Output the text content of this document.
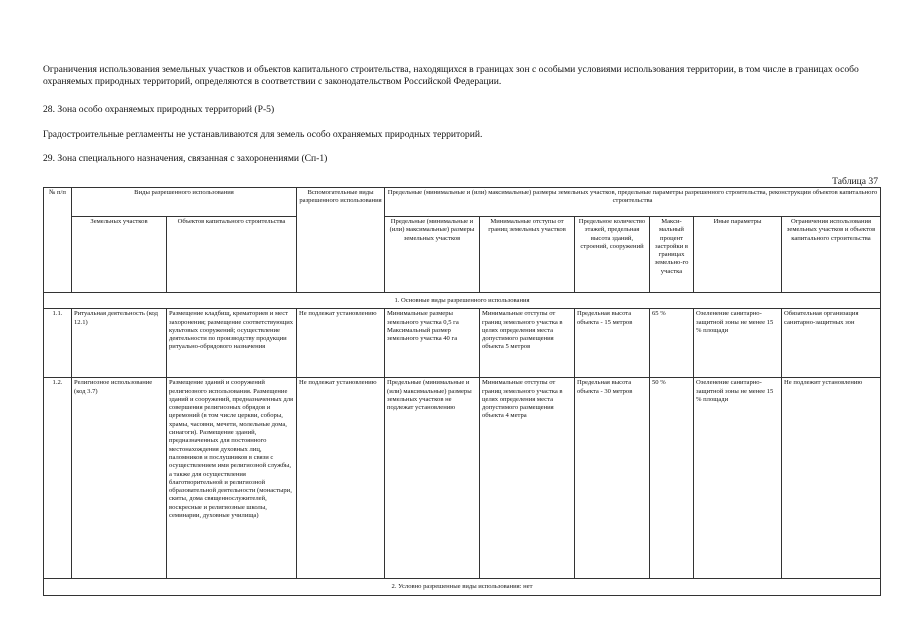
Ограничения использования земельных участков и объектов капитального строительства, находящихся в границах зон с особыми условиями использования территории, в том числе в границах особо охраняемых природных территорий, определяются в соответствии с законодательством Российской Федерации.

28. Зона особо охраняемых природных территорий (Р-5)

Градостроительные регламенты не устанавливаются для земель особо охраняемых природных территорий.

29. Зона специального назначения, связанная с захоронениями (Сп-1)

Таблица 37
№ п/п	Виды разрешенного использования		Вспомогательные виды разрешенного использования	Предельные (минимальные и (или) максимальные) размеры земельных участков, предельные параметры разрешенного строительства, реконструкции объектов капитального строительства					
	Земельных участков	Объектов капитального строительства		Предельные (минимальные и (или) максимальные) размеры земельных участков	Минимальные отступы от границ земельных участков	Предельное количество этажей, предельная высота зданий, строений, сооружений	Макси-мальный процент застройки в границах земельно-го участка	Иные параметры	Ограничения использования земельных участков и объектов капитального строительства
1. Основные виды разрешенного использования									
1.1.	Ритуальная деятельность (код 12.1)	Размещение кладбищ, крематориев и мест захоронения; размещение соответствующих культовых сооружений; осуществление деятельности по производству продукции ритуально-обрядового назначения	Не подлежат установлению	Минимальные размеры земельного участка 0,5 га Максимальный размер земельного участка 40 га	Минимальные отступы от границ земельного участка в целях определения места допустимого размещения объекта 5 метров	Предельная высота объекта - 15 метров	65 %	Озеленение санитарно-защитной зоны не менее 15 % площади	Обязательная организация санитарно-защитных зон
1.2.	Религиозное использование (код 3.7)	Размещение зданий и сооружений религиозного использования. Размещение зданий и сооружений, предназначенных для совершения религиозных обрядов и церемоний (в том числе церкви, соборы, храмы, часовни, мечети, молельные дома, синагоги). Размещение зданий, предназначенных для постоянного местонахождения духовных лиц, паломников и послушников в связи с осуществлением ими религиозной службы, а также для осуществления благотворительной и религиозной образовательной деятельности (монастыри, скиты, дома священнослужителей, воскресные и религиозные школы, семинарии, духовные училища)	Не подлежат установлению	Предельные (минимальные и (или) максимальные) размеры земельных участков не подлежат установлению	Минимальные отступы от границ земельного участка в целях определения места допустимого размещения объекта 4 метра	Предельная высота объекта - 30 метров	50 %	Озеленение санитарно-защитной зоны не менее 15 % площади	Не подлежит установлению
2. Условно разрешенные виды использования: нет									
